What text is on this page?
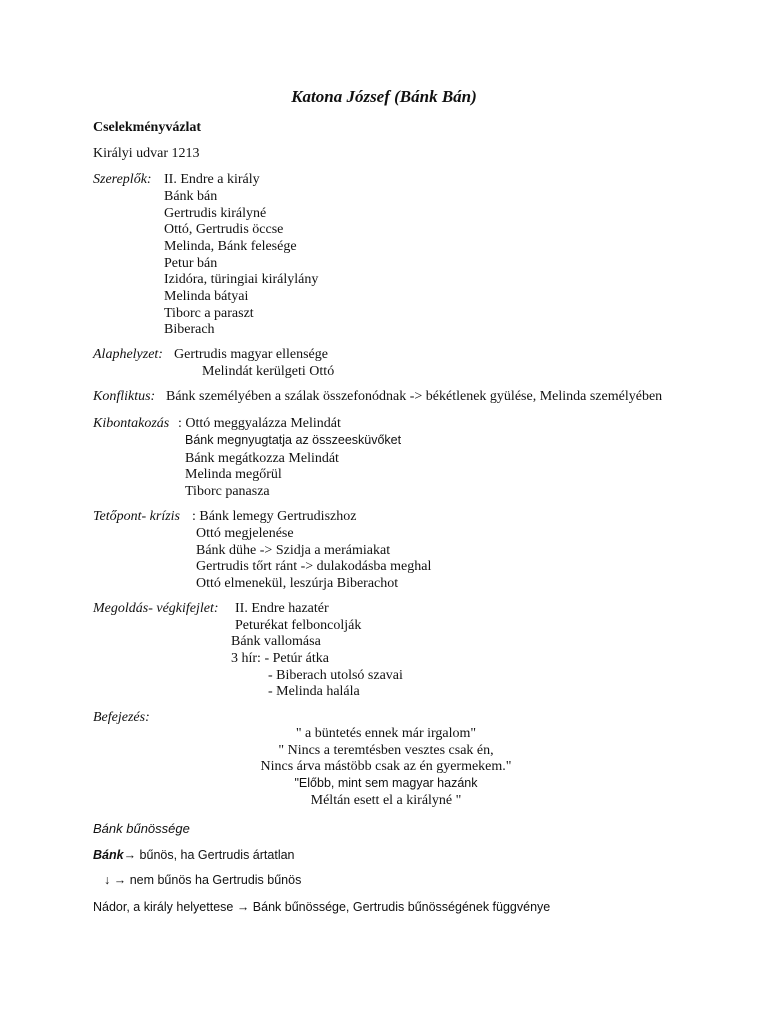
Katona József (Bánk Bán)
Cselekményvázlat
Királyi udvar 1213
Szereplők: II. Endre a király
Bánk bán
Gertrudis királyné
Ottó, Gertrudis öccse
Melinda, Bánk felesége
Petur bán
Izidóra, türingiai királylány
Melinda bátyai
Tiborc a paraszt
Biberach
Alaphelyzet: Gertrudis magyar ellensége
Melindát kerülgeti Ottó
Konfliktus: Bánk személyében a szálak összefonódnak -> békétlenek gyülése, Melinda személyében
Kibontakozás : Ottó meggyalázza Melindát
Bánk megnyugtatja az összeesküvőket
Bánk megátkozza Melindát
Melinda megőrül
Tiborc panasza
Tetőpont- krízis : Bánk lemegy Gertrudiszhoz
Ottó megjelenése
Bánk dühe -> Szidja a merámiakat
Gertrudis tőrt ránt -> dulakodásba meghal
Ottó elmenekül, leszúrja Biberachot
Megoldás- végkifejlet: II. Endre hazatér
Peturékat felboncolják
Bánk vallomása
3 hír: - Petúr átka
- Biberach utolsó szavai
- Melinda halála
Befejezés:
" a büntetés ennek már irgalom"
" Nincs a teremtésben vesztes csak én,
Nincs árva mástöbb csak az én gyermekem."
"Előbb, mint sem magyar hazánk
Méltán esett el a királyné "
Bánk bűnössége
Bánk→ bűnös, ha Gertrudis ártatlan
↓ → nem bűnös ha Gertrudis bűnös
Nádor, a király helyettese → Bánk bűnössége, Gertrudis bűnösségének függvénye
